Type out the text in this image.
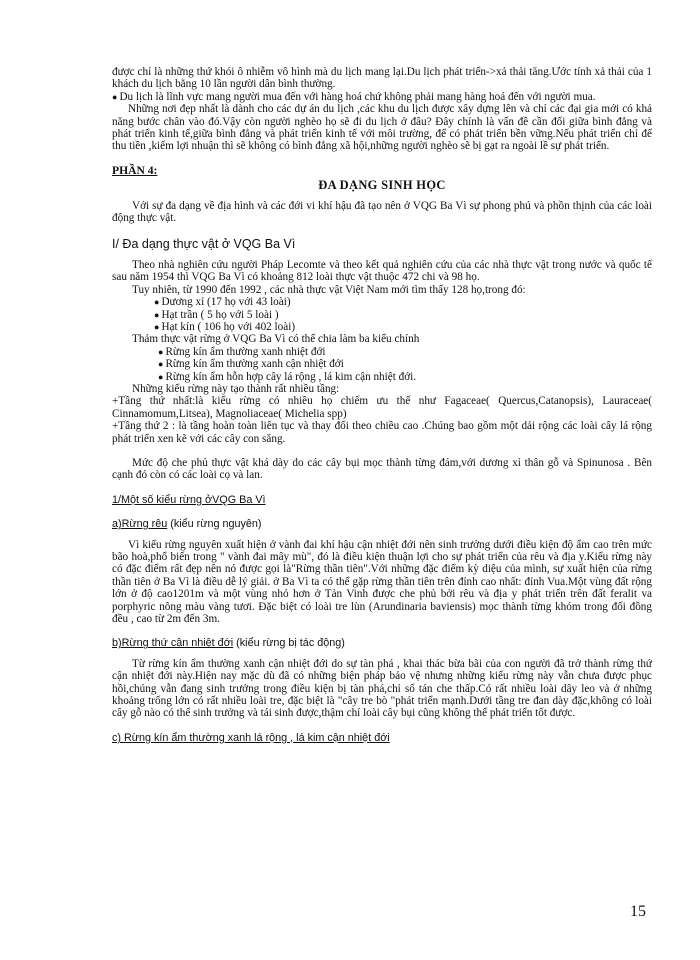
được chỉ là những thứ khói ô nhiễm vô hình mà du lịch mang lại.Du lịch phát triển->xả thải tăng.Ước tính xả thải của 1 khách du lịch bằng 10 lần người dân bình thường.

● Du lịch là lĩnh vực mang người mua đến với hàng hoá chứ không phải mang hàng hoá đến với người mua.

Những nơi đẹp nhất là dành cho các dự án du lịch ,các khu du lịch được xây dựng lên và chỉ các đại gia mới có khả năng bước chân vào đó.Vậy còn người nghèo họ sẽ đi du lịch ở đâu? Đây chính là vấn đề cần đối giữa bình đẳng và phát triển kinh tế,giữa bình đẳng và phát triển kinh tế với môi trường, để có phát triển bền vững.Nếu phát triển chỉ để thu tiền ,kiếm lợi nhuận thì sẽ không có bình đẳng xã hội,những người nghèo sẽ bị gạt ra ngoài lề sự phát triển.

PHẦN 4:

ĐA DẠNG SINH HỌC

Với sự đa dạng về địa hình và các đới vi khí hậu đã tạo nên ở VQG Ba Vì sự phong phú và phồn thịnh của các loài động thực vật.

I/ Đa dạng thực vật ở VQG Ba Vì

Theo nhà nghiên cứu người Pháp Lecomte và theo kết quả nghiên cứu của các nhà thực vật trong nước và quốc tế sau năm 1954 thì VQG Ba Vì có khoảng 812 loài thực vật thuộc 472 chi và 98 họ.

Tuy nhiên, từ 1990 đến 1992 , các nhà thực vật Việt Nam mới tìm thấy 128 họ,trong đó:

● Dương xỉ (17 họ với 43 loài)

● Hạt trần ( 5 họ với 5 loài )

● Hạt kín ( 106 họ với 402 loài)

Thảm thực vật rừng ở VQG Ba Vì có thể chia làm ba kiểu chính

● Rừng kín ẩm thường xanh nhiệt đới

● Rừng kín ẩm thường xanh cận nhiệt đới

● Rừng kín ẩm hỗn hợp cây lá rộng , lá kim cận nhiệt đới.

Những kiểu rừng này tạo thành rất nhiều tầng:

+Tầng thứ nhất:là kiểu rừng có nhiều họ chiếm ưu thế như Fagaceae( Quercus,Catanopsis), Lauraceae( Cinnamomum,Litsea), Magnoliaceae( Michelia spp)

+Tầng thứ 2 : là tầng hoàn toàn liên tục và thay đổi theo chiều cao .Chúng bao gồm một dải rộng các loài cây lá rộng phát triển xen kẽ với các cây con săng.

Mức độ che phủ thực vật khá dày do các cây bụi mọc thành từng đám,với dương xỉ thân gỗ và Spinunosa . Bên cạnh đó còn có các loài cọ và lan.

1/Một số kiểu rừng ởVQG Ba Vì

a)Rừng rêu (kiểu rừng nguyên)

Vì kiểu rừng nguyên xuất hiện ở vành đai khí hậu cận nhiệt đới nên sinh trưởng dưới điều kiện độ ẩm cao trên mức bão hoà,phổ biến trong " vành đai mây mù", đó là điều kiện thuận lợi cho sự phát triển của rêu và địa y.Kiểu rừng này có đặc điểm rất đẹp nên nó được gọi là"Rừng thần tiên".Với những đặc điểm kỳ diệu của mình, sự xuất hiện của rừng thần tiên ở Ba Vì là điều dễ lý giải. ở Ba Vì ta có thể gặp rừng thần tiên trên đỉnh cao nhất: đỉnh Vua.Một vùng đất rộng lớn ở độ cao1201m và một vùng nhỏ hơn ở Tản Vinh được che phủ bởi rêu và địa y phát triển trên đất feralit va porphyric nông màu vàng tươi. Đặc biệt có loài tre lùn (Arundinaria baviensis) mọc thành từng khóm trong đối đồng đều , cao từ 2m đến 3m.

b)Rừng thứ cận nhiệt đới (kiểu rừng bị tác động)

Từ rừng kín ẩm thường xanh cận nhiệt đới do sự tàn phá , khai thác bừa bãi của con người đã trở thành rừng thứ cận nhiệt đới này.Hiện nay mặc dù đã có những biện pháp bảo vệ nhưng những kiểu rừng này vẫn chưa được phục hồi,chúng vẫn đang sinh trưởng trong điều kiện bị tàn phá,chỉ số tán che thấp.Có rất nhiều loài dây leo và ở những khoảng trống lớn có rất nhiều loài tre, đặc biệt là "cây tre bò "phát triển mạnh.Dưới tầng tre đan dày đặc,không có loài cây gỗ nào có thể sinh trưởng và tái sinh được,thậm chí loài cây bụi cũng không thể phát triển tốt được.

c) Rừng kín ẩm thường xanh lá rộng , lá kim cận nhiệt đới

15
